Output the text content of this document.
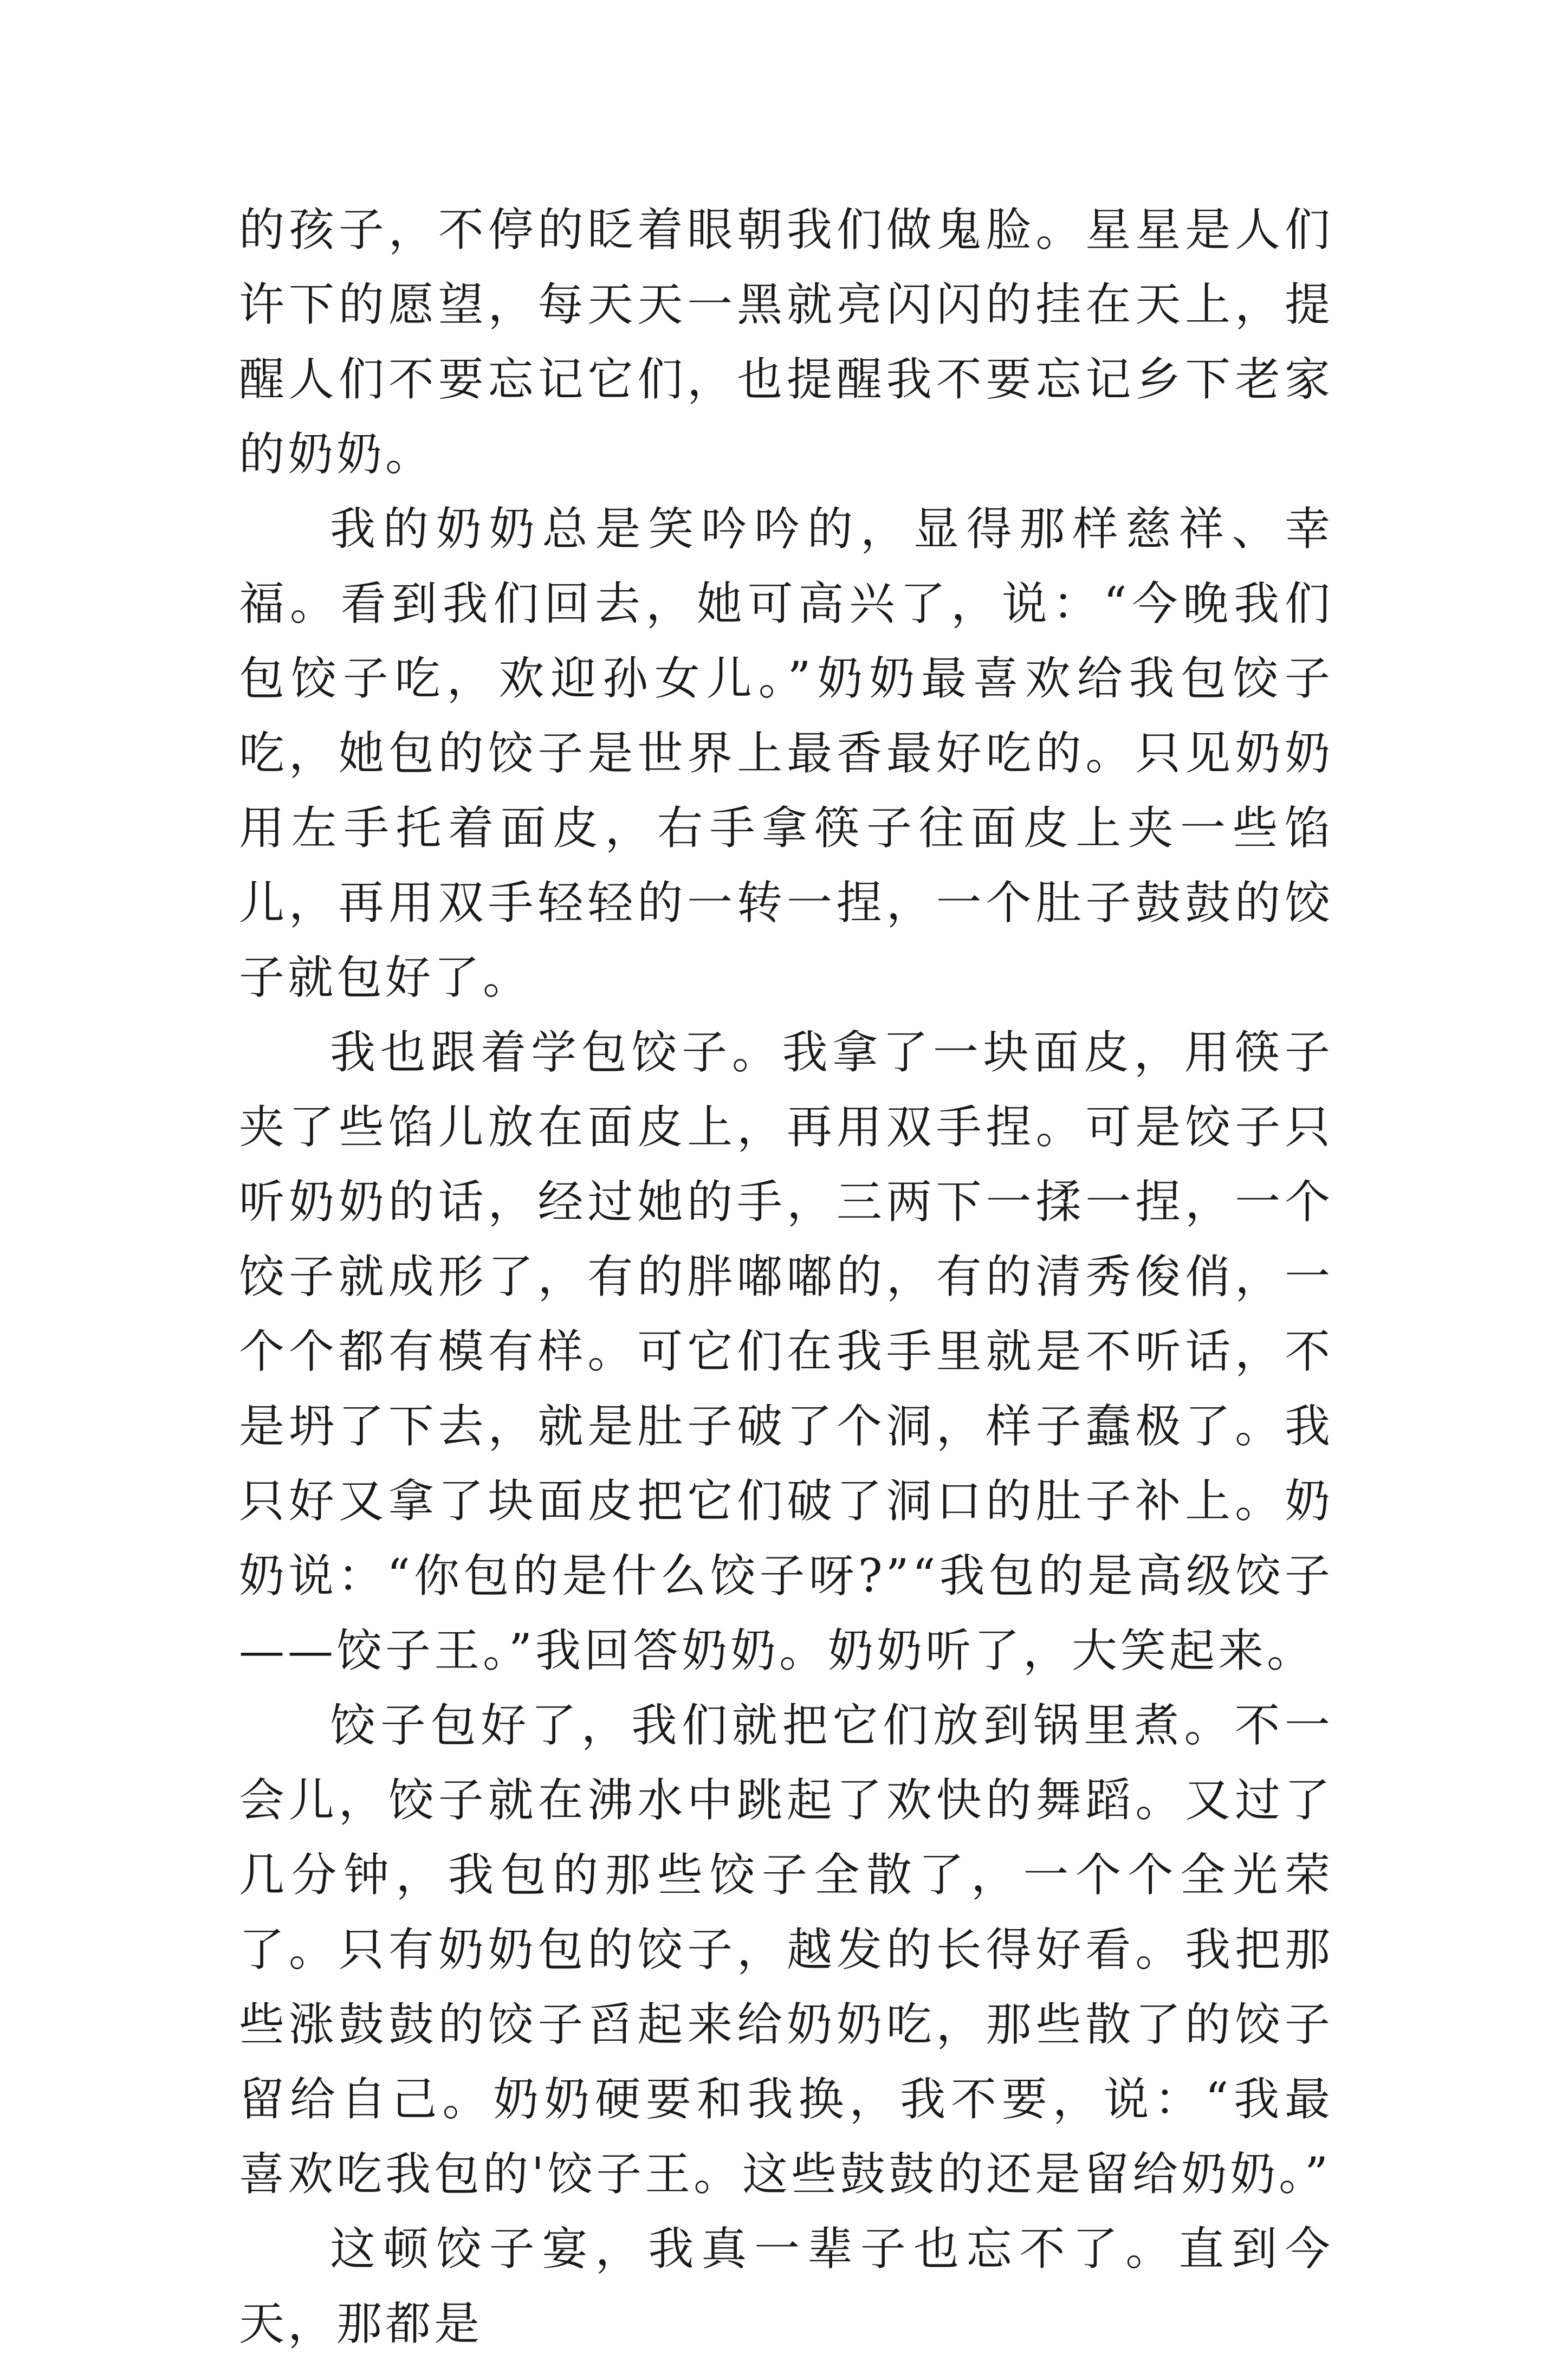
的孩子，不停的眨着眼朝我们做鬼脸。星星是人们许下的愿望，每天天一黑就亮闪闪的挂在天上，提醒人们不要忘记它们，也提醒我不要忘记乡下老家的奶奶。

我的奶奶总是笑吟吟的，显得那样慈祥、幸福。看到我们回去，她可高兴了，说：“今晚我们包饺子吃，欢迎孙女儿。”奶奶最喜欢给我包饺子吃，她包的饺子是世界上最香最好吃的。只见奶奶用左手托着面皮，右手拿筷子往面皮上夹一些馅儿，再用双手轻轻的一转一捏，一个肚子鼓鼓的饺子就包好了。

我也跟着学包饺子。我拿了一块面皮，用筷子夹了些馅儿放在面皮上，再用双手捏。可是饺子只听奶奶的话，经过她的手，三两下一揉一捏，一个饺子就成形了，有的胖嘟嘟的，有的清秀俊俏，一个个都有模有样。可它们在我手里就是不听话，不是坍了下去，就是肚子破了个洞，样子蠢极了。我只好又拿了块面皮把它们破了洞口的肚子补上。奶奶说：“你包的是什么饺子呀?”“我包的是高级饺子——饺子王。”我回答奶奶。奶奶听了，大笑起来。

饺子包好了，我们就把它们放到锅里煮。不一会儿，饺子就在沸水中跳起了欢快的舞蹈。又过了几分钟，我包的那些饺子全散了，一个个全光荣了。只有奶奶包的饺子，越发的长得好看。我把那些涨鼓鼓的饺子舀起来给奶奶吃，那些散了的饺子留给自己。奶奶硬要和我换，我不要，说：“我最喜欢吃我包的'饺子王。这些鼓鼓的还是留给奶奶。”

这顿饺子宴，我真一辈子也忘不了。直到今天，那都是
